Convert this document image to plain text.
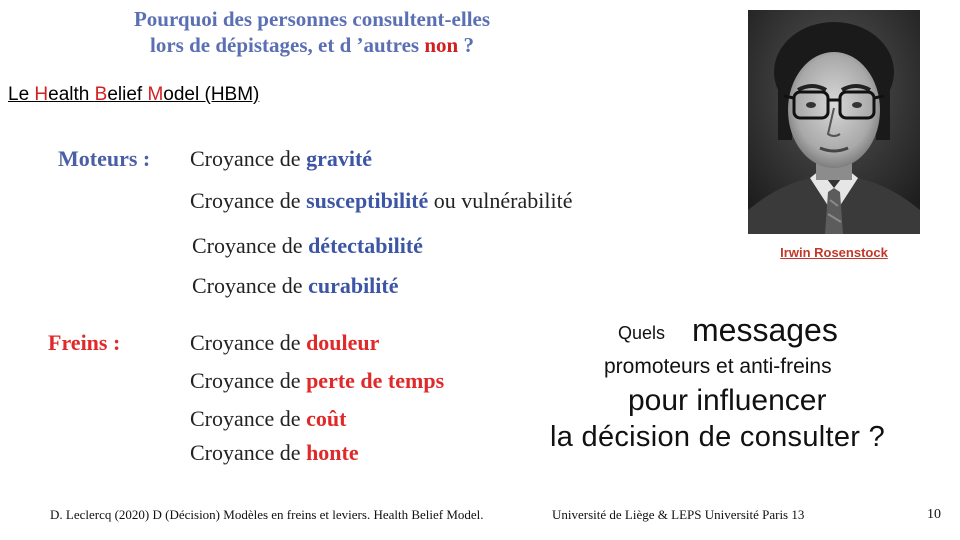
Pourquoi des personnes consultent-elles
lors de dépistages, et d ’autres non ?
Le Health Belief Model (HBM)
Moteurs : Croyance de gravité
Croyance de susceptibilité ou vulnérabilité
Croyance de détectabilité
Croyance de curabilité
Freins :	Croyance de douleur
Croyance de perte de temps
Croyance de coût
Croyance de honte
Irwin Rosenstock
Quels messages
promoteurs et anti-freins
pour influencer
la décision de consulter ?
D. Leclercq (2020) D (Décision) Modèles en freins et leviers. Health Belief Model.	Université de Liège & LEPS Université Paris 13	10
